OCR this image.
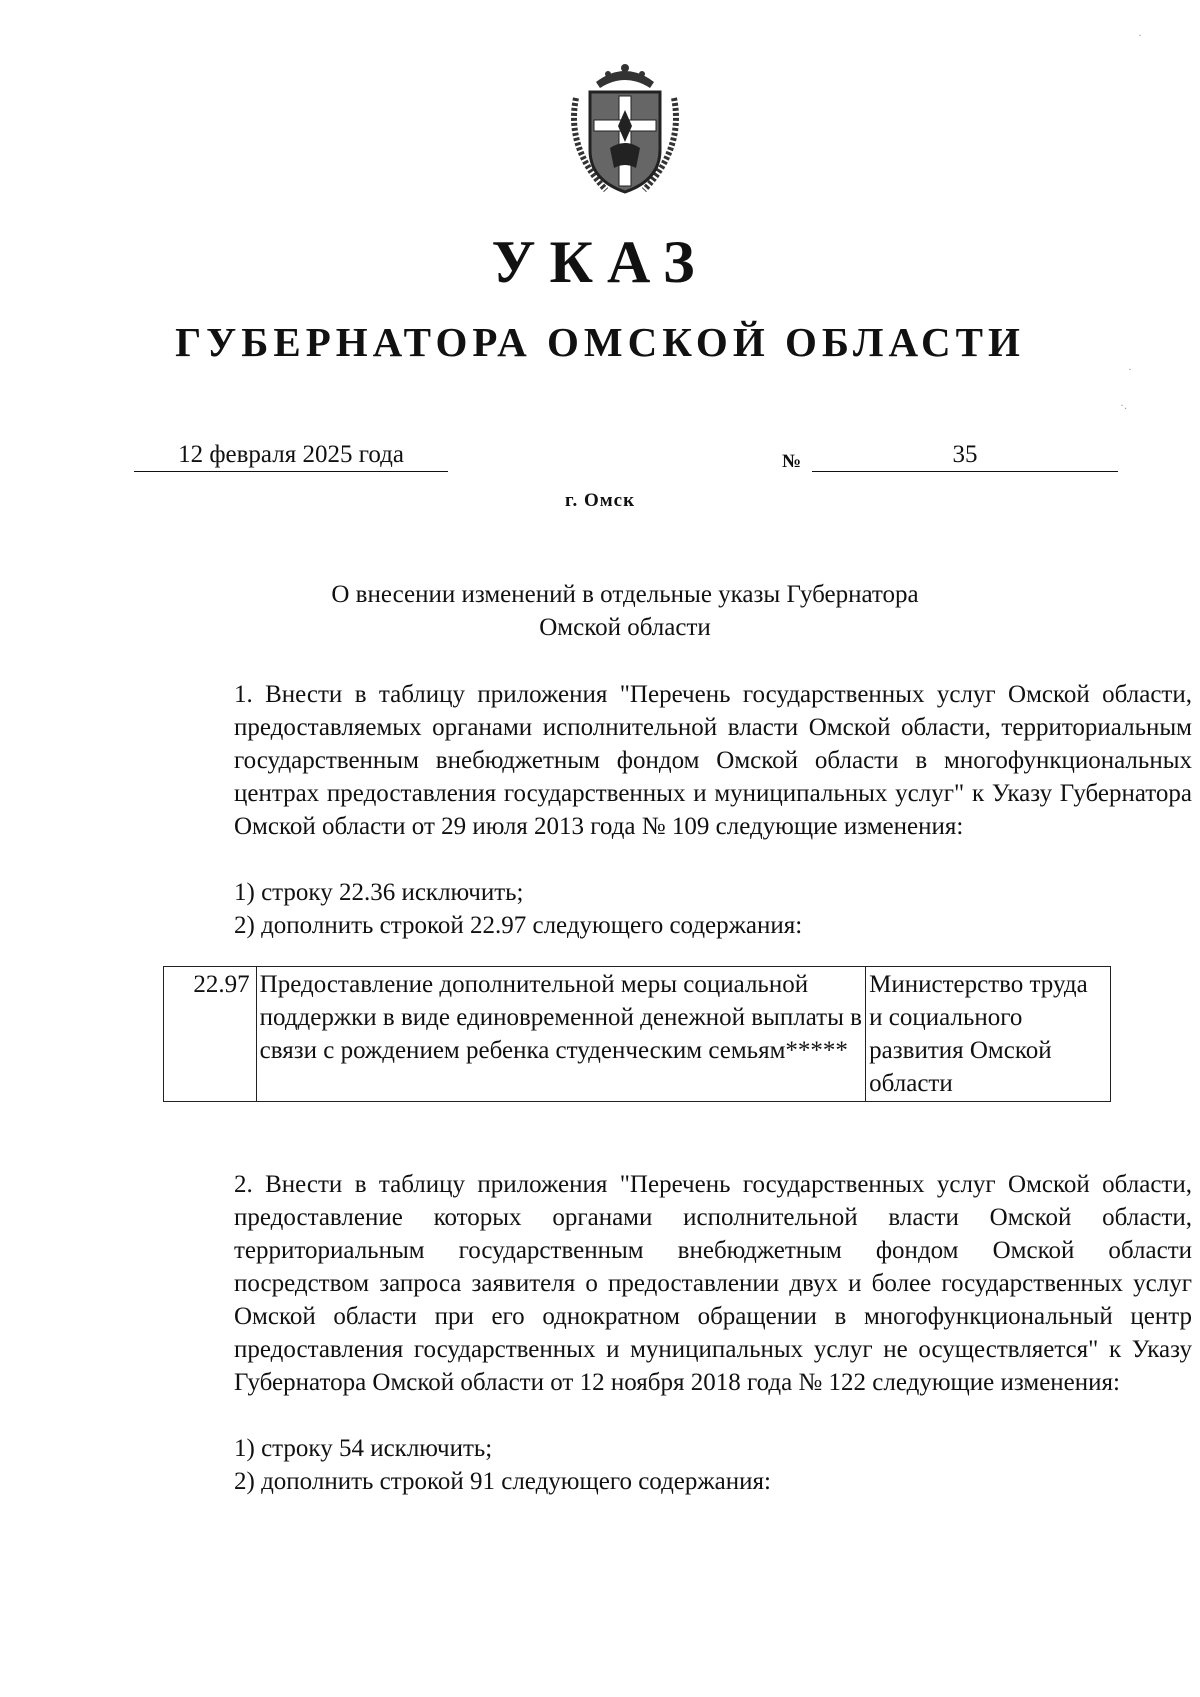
УКАЗ
ГУБЕРНАТОРА ОМСКОЙ ОБЛАСТИ
12 февраля 2025 года	№	35
г. Омск
О внесении изменений в отдельные указы Губернатора
Омской области
1. Внести в таблицу приложения "Перечень государственных услуг Омской области, предоставляемых органами исполнительной власти Омской области, территориальным государственным внебюджетным фондом Омской области в многофункциональных центрах предоставления государственных и муниципальных услуг" к Указу Губернатора Омской области от 29 июля 2013 года № 109 следующие изменения:
1) строку 22.36 исключить;
2) дополнить строкой 22.97 следующего содержания:
22.97	Предоставление дополнительной меры социальной поддержки в виде единовременной денежной выплаты в связи с рождением ребенка студенческим семьям*****	Министерство труда и социального развития Омской области
2. Внести в таблицу приложения "Перечень государственных услуг Омской области, предоставление которых органами исполнительной власти Омской области, территориальным государственным внебюджетным фондом Омской области посредством запроса заявителя о предоставлении двух и более государственных услуг Омской области при его однократном обращении в многофункциональный центр предоставления государственных и муниципальных услуг не осуществляется" к Указу Губернатора Омской области от 12 ноября 2018 года № 122 следующие изменения:
1) строку 54 исключить;
2) дополнить строкой 91 следующего содержания:
·
·
·.
